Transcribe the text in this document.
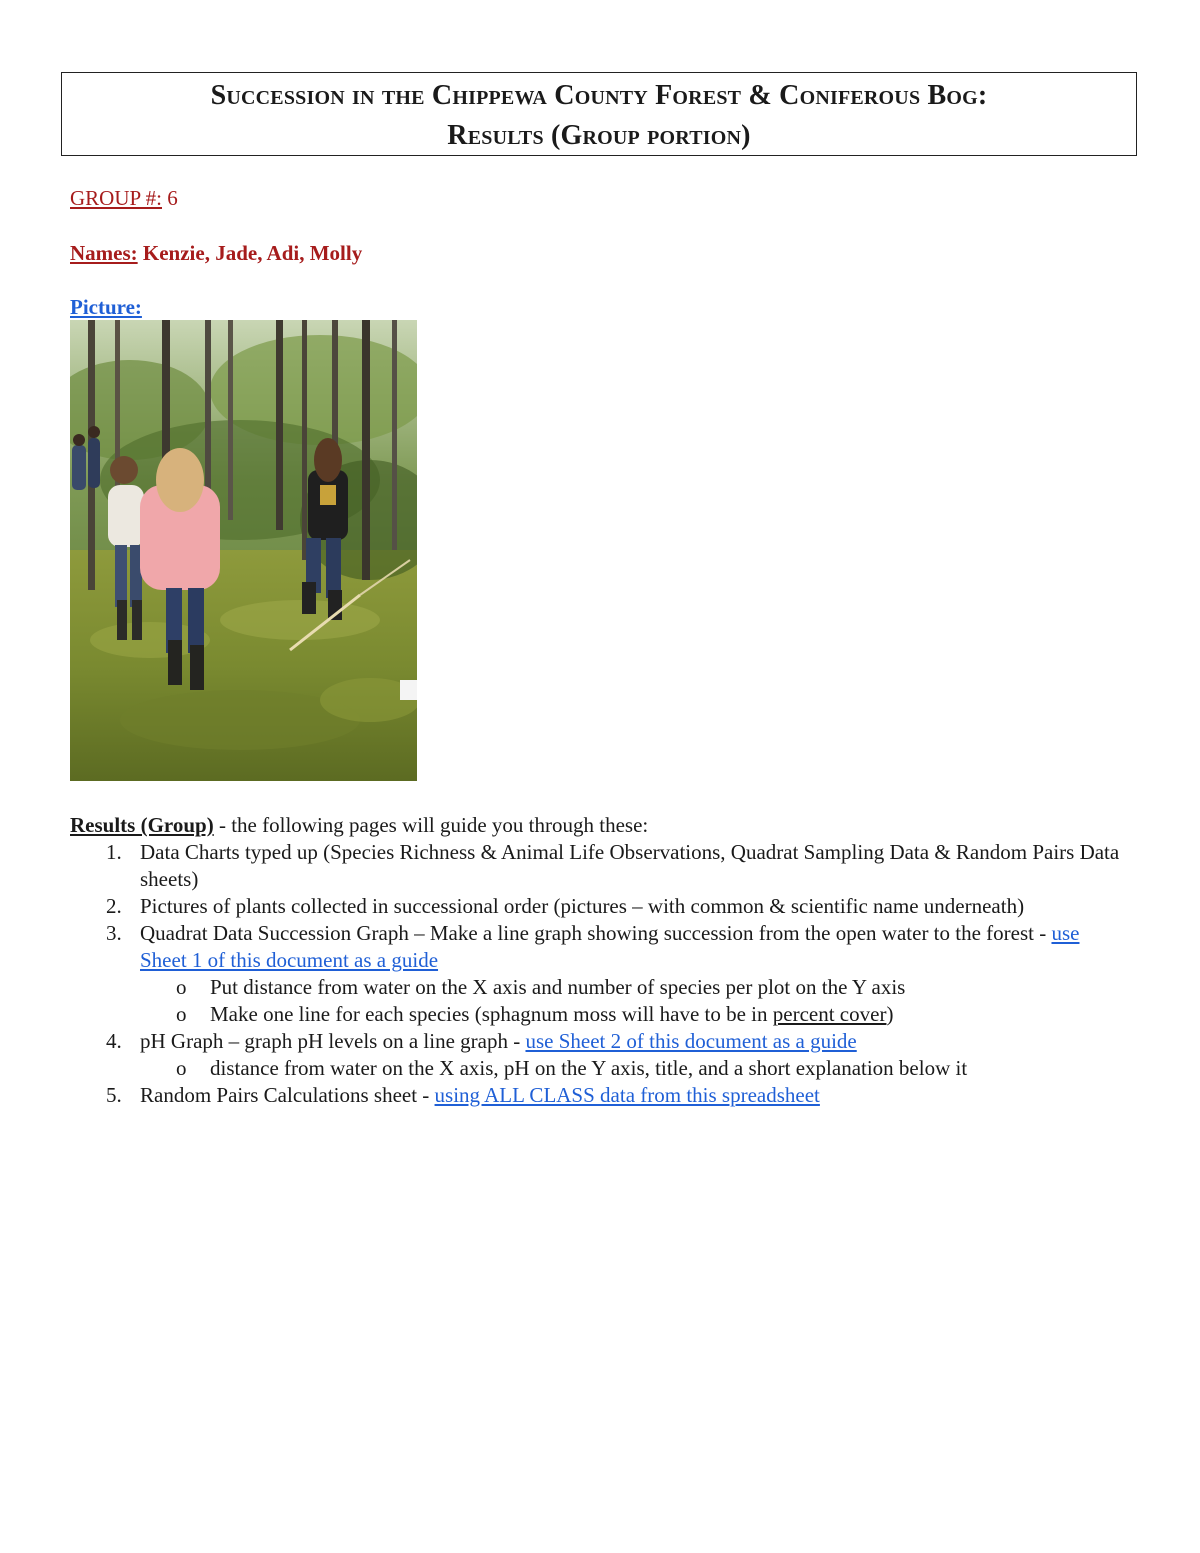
Succession in the Chippewa County Forest & Coniferous Bog:
Results (Group portion)
GROUP #: 6
Names: Kenzie, Jade, Adi, Molly
Picture:
Results (Group) - the following pages will guide you through these:
1. Data Charts typed up (Species Richness & Animal Life Observations, Quadrat Sampling Data & Random Pairs Data sheets)
2. Pictures of plants collected in successional order (pictures – with common & scientific name underneath)
3. Quadrat Data Succession Graph – Make a line graph showing succession from the open water to the forest - use Sheet 1 of this document as a guide
o Put distance from water on the X axis and number of species per plot on the Y axis
o Make one line for each species (sphagnum moss will have to be in percent cover)
4. pH Graph – graph pH levels on a line graph - use Sheet 2 of this document as a guide
o distance from water on the X axis, pH on the Y axis, title, and a short explanation below it
5. Random Pairs Calculations sheet - using ALL CLASS data from this spreadsheet
